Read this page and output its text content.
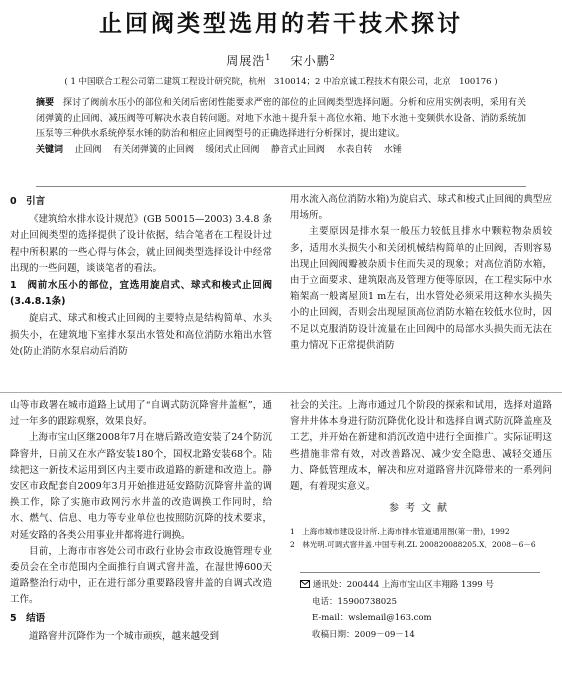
止回阀类型选用的若干技术探讨
周展浩$^1$ 宋小鹏$^2$
( 1 中国联合工程公司第二建筑工程设计研究院，杭州　310014；2 中冶京诚工程技术有限公司，北京　100176 )
摘要 探讨了阀前水压小的部位和关闭后密闭性能要求严密的部位的止回阀类型选择问题。分析和应用实例表明，采用有关闭弹簧的止回阀、减压阀等可解决水表自转问题。对地下水池＋提升泵＋高位水箱、地下水池＋变频供水设备、消防系统加压泵等三种供水系统停泵水锤的防治和相应止回阀型号的正确选择进行分析探讨，提出建议。
关键词 止回阀 有关闭弹簧的止回阀 缓闭式止回阀 静音式止回阀 水表自转 水锤
0　引言

《建筑给水排水设计规范》(GB 50015—2003) 3.4.8 条对止回阀类型的选择提供了设计依据，结合笔者在工程设计过程中所积累的一些心得与体会，就止回阀类型选择设计中经常出现的一些问题，谈谈笔者的看法。

1　阀前水压小的部位，宜选用旋启式、球式和梭式止回阀(3.4.8.1条)

旋启式、球式和梭式止回阀的主要特点是结构简单、水头损失小，在建筑地下室排水泵出水管处和高位消防水箱出水管处(防止消防水泵启动后消防

用水流入高位消防水箱)为旋启式、球式和梭式止回阀的典型应用场所。

主要原因是排水泵一般压力较低且排水中颗粒物杂质较多，适用水头损失小和关闭机械结构简单的止回阀，否则容易出现止回阀阀瓣被杂质卡住而失灵的现象；对高位消防水箱，由于立面要求、建筑限高及管理方便等原因，在工程实际中水箱架高一般离屋顶1 m左右，出水管处必须采用这种水头损失小的止回阀，否则会出现屋顶高位消防水箱在较低水位时，因不足以克服消防设计流量在止回阀中的局部水头损失而无法在重力情况下正常提供消防

山等市政署在城市道路上试用了“自调式防沉降窨井盖框”，通过一年多的跟踪观察，效果良好。

上海市宝山区继2008年7月在塘后路改造安装了24个防沉降窨井，日前又在水产路安装180个，国权北路安装68个。陆续把这一新技术运用到区内主要市政道路的新建和改造上。静安区市政配套自2009年3月开始推进延安路防沉降窨井盖的调换工作，除了实施市政网污水井盖的改造调换工作同时，给水、燃气、信息、电力等专业单位也按照防沉降的技术要求，对延安路的各类公用事业井都将进行调换。

目前，上海市市容处公司市政行业协会市政设施管理专业委员会在全市范围内全面推行自调式窨井盖，在湿世博600天道路整治行动中，正在进行部分重要路段窨井盖的自调式改造工作。

5　结语

道路窨井沉降作为一个城市顽疾，越来越受到

社会的关注。上海市通过几个阶段的探索和试用，选择对道路窨井井体本身进行防沉降优化设计和选择自调式防沉降盖座及工艺，并开始在新建和消沉改造中进行全面推广。实际证明这些措施非常有效，对改善路况、减少安全隐患、减轻交通压力、降低管理成本，解决和应对道路窨井沉降带来的一系列问题，有着现实意义。
参考文献
1　上海市城市建设设计所.上海市排水管道通用图(第一册)，1992
2　林光明.可调式窨井盖.中国专利.ZL 200820088205.X．2008－6－6
通讯处：200444 上海市宝山区丰翔路 1399 号
电话：15900738025
E-mail：wslemail@163.com
收稿日期：2009－09－14
